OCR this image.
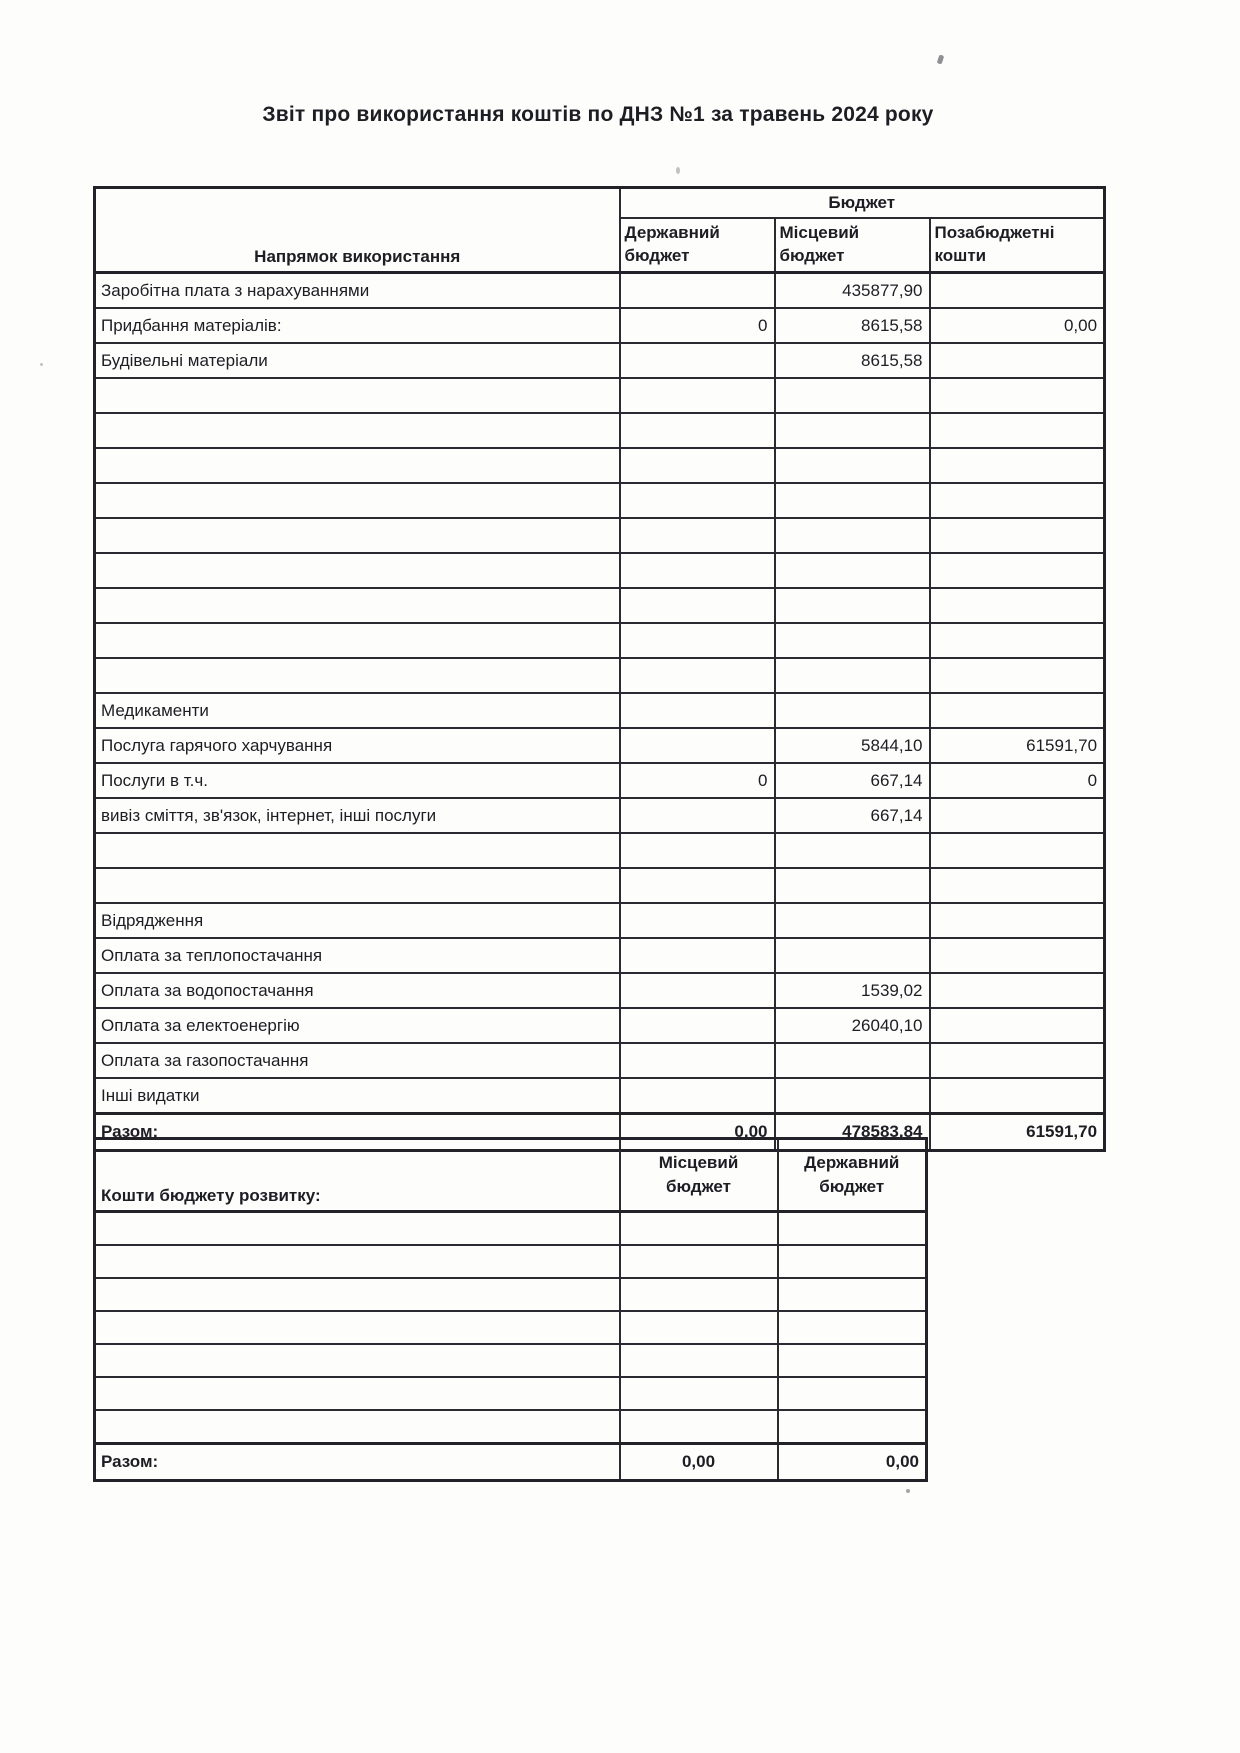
Звіт про використання коштів по ДНЗ №1 за травень 2024 року
Напрямок використання	Бюджет		
	Державний бюджет	Місцевий бюджет	Позабюджетні кошти
Заробітна плата з нарахуваннями		435877,90	
Придбання матеріалів:	0	8615,58	0,00
Будівельні матеріали		8615,58	

Медикаменти			
Послуга гарячого харчування		5844,10	61591,70
Послуги в т.ч.	0	667,14	0
вивіз сміття, зв'язок, інтернет, інші послуги		667,14	

Відрядження			
Оплата за теплопостачання			
Оплата за водопостачання		1539,02	
Оплата за електоенергію		26040,10	
Оплата за газопостачання			
Інші видатки			
Разом:	0,00	478583,84	61591,70
Кошти бюджету розвитку:	Місцевий бюджет	Державний бюджет

Разом:	0,00	0,00
